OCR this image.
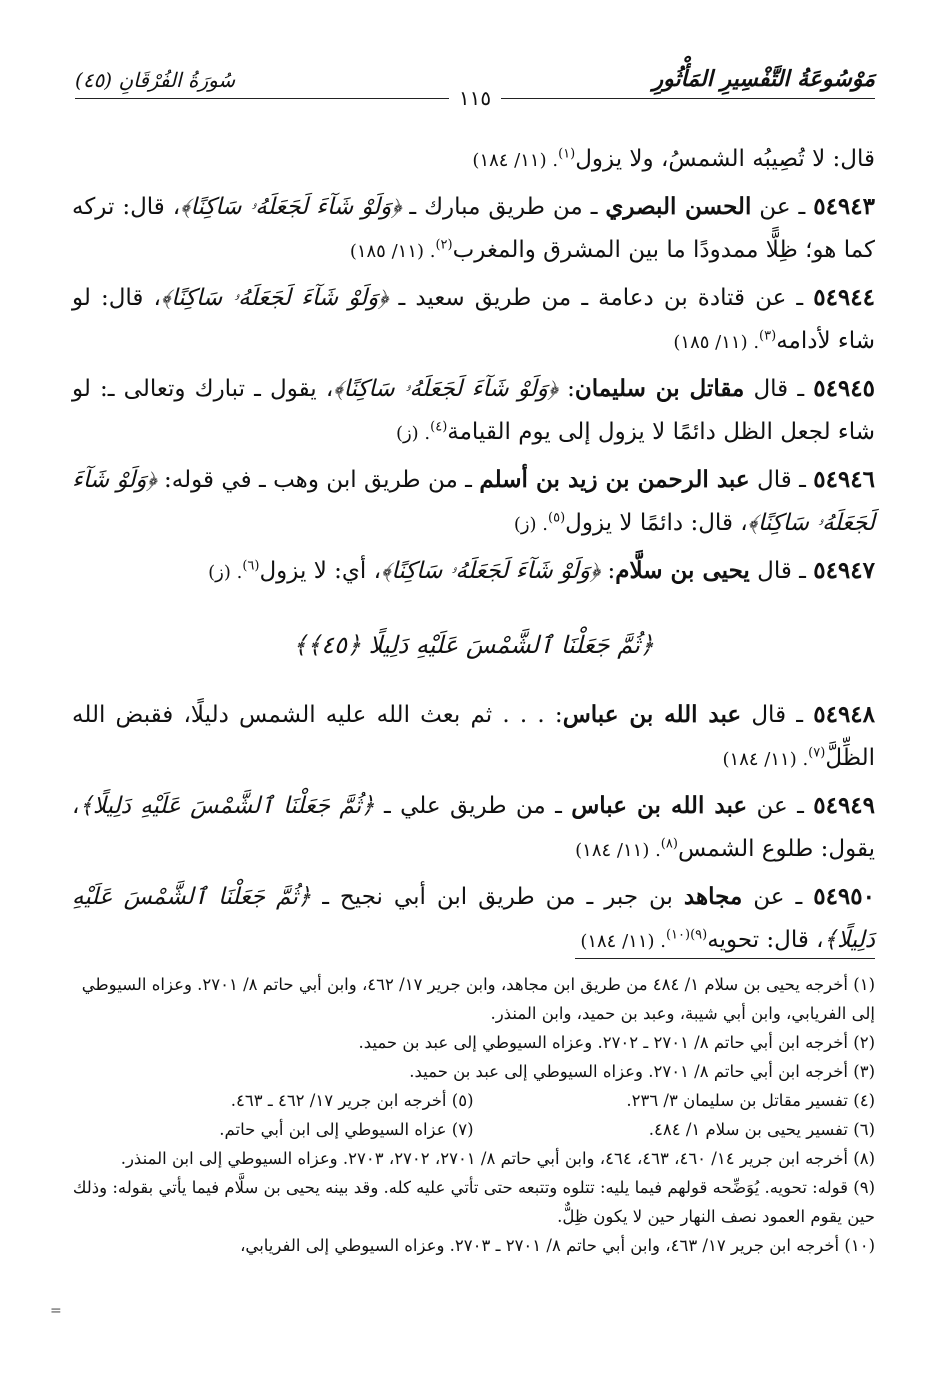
مَوْسُوعَةُ التَّفْسِيرِ المَأْثُورِ
سُورَةُ الفُرْقَانِ (٤٥)
١١٥

قال: لا تُصِيبُه الشمسُ، ولا يزول$^{(١)}$. (١١/ ١٨٤)

٥٤٩٤٣ ـ عن الحسن البصري ـ من طريق مبارك ـ ﴿وَلَوْ شَآءَ لَجَعَلَهُۥ سَاكِنًا﴾، قال: تركه كما هو؛ ظِلًّا ممدودًا ما بين المشرق والمغرب$^{(٢)}$. (١١/ ١٨٥)

٥٤٩٤٤ ـ عن قتادة بن دعامة ـ من طريق سعيد ـ ﴿وَلَوْ شَآءَ لَجَعَلَهُۥ سَاكِنًا﴾، قال: لو شاء لأدامه$^{(٣)}$. (١١/ ١٨٥)

٥٤٩٤٥ ـ قال مقاتل بن سليمان: ﴿وَلَوْ شَآءَ لَجَعَلَهُۥ سَاكِنًا﴾، يقول ـ تبارك وتعالى ـ: لو شاء لجعل الظل دائمًا لا يزول إلى يوم القيامة$^{(٤)}$. (ز)

٥٤٩٤٦ ـ قال عبد الرحمن بن زيد بن أسلم ـ من طريق ابن وهب ـ في قوله: ﴿وَلَوْ شَآءَ لَجَعَلَهُۥ سَاكِنًا﴾، قال: دائمًا لا يزول$^{(٥)}$. (ز)

٥٤٩٤٧ ـ قال يحيى بن سلَّام: ﴿وَلَوْ شَآءَ لَجَعَلَهُۥ سَاكِنًا﴾، أي: لا يزول$^{(٦)}$. (ز)

﴿ثُمَّ جَعَلْنَا ٱلشَّمْسَ عَلَيْهِ دَلِيلًا ﴿٤٥﴾﴾

٥٤٩٤٨ ـ قال عبد الله بن عباس: . . . ثم بعث الله عليه الشمس دليلًا، فقبض الله الظِّلَّ$^{(٧)}$. (١١/ ١٨٤)

٥٤٩٤٩ ـ عن عبد الله بن عباس ـ من طريق علي ـ ﴿ثُمَّ جَعَلْنَا ٱلشَّمْسَ عَلَيْهِ دَلِيلًا﴾، يقول: طلوع الشمس$^{(٨)}$. (١١/ ١٨٤)

٥٤٩٥٠ ـ عن مجاهد بن جبر ـ من طريق ابن أبي نجيح ـ ﴿ثُمَّ جَعَلْنَا ٱلشَّمْسَ عَلَيْهِ دَلِيلًا﴾، قال: تحويه$^{(٩)(١٠)}$. (١١/ ١٨٤)

(١) أخرجه يحيى بن سلام ١/ ٤٨٤ من طريق ابن مجاهد، وابن جرير ١٧/ ٤٦٢، وابن أبي حاتم ٨/ ٢٧٠١. وعزاه السيوطي إلى الفريابي، وابن أبي شيبة، وعبد بن حميد، وابن المنذر.

(٢) أخرجه ابن أبي حاتم ٨/ ٢٧٠١ ـ ٢٧٠٢. وعزاه السيوطي إلى عبد بن حميد.

(٣) أخرجه ابن أبي حاتم ٨/ ٢٧٠١. وعزاه السيوطي إلى عبد بن حميد.

(٤) تفسير مقاتل بن سليمان ٣/ ٢٣٦.

(٥) أخرجه ابن جرير ١٧/ ٤٦٢ ـ ٤٦٣.

(٦) تفسير يحيى بن سلام ١/ ٤٨٤.

(٧) عزاه السيوطي إلى ابن أبي حاتم.

(٨) أخرجه ابن جرير ١٤/ ٤٦٠، ٤٦٣، ٤٦٤، وابن أبي حاتم ٨/ ٢٧٠١، ٢٧٠٢، ٢٧٠٣. وعزاه السيوطي إلى ابن المنذر.

(٩) قوله: تحويه. يُوَضِّحه قولهم فيما يليه: تتلوه وتتبعه حتى تأتي عليه كله. وقد بينه يحيى بن سلَّام فيما يأتي بقوله: وذلك حين يقوم العمود نصف النهار حين لا يكون ظِلٌّ.

(١٠) أخرجه ابن جرير ١٧/ ٤٦٣، وابن أبي حاتم ٨/ ٢٧٠١ ـ ٢٧٠٣. وعزاه السيوطي إلى الفريابي،

=
